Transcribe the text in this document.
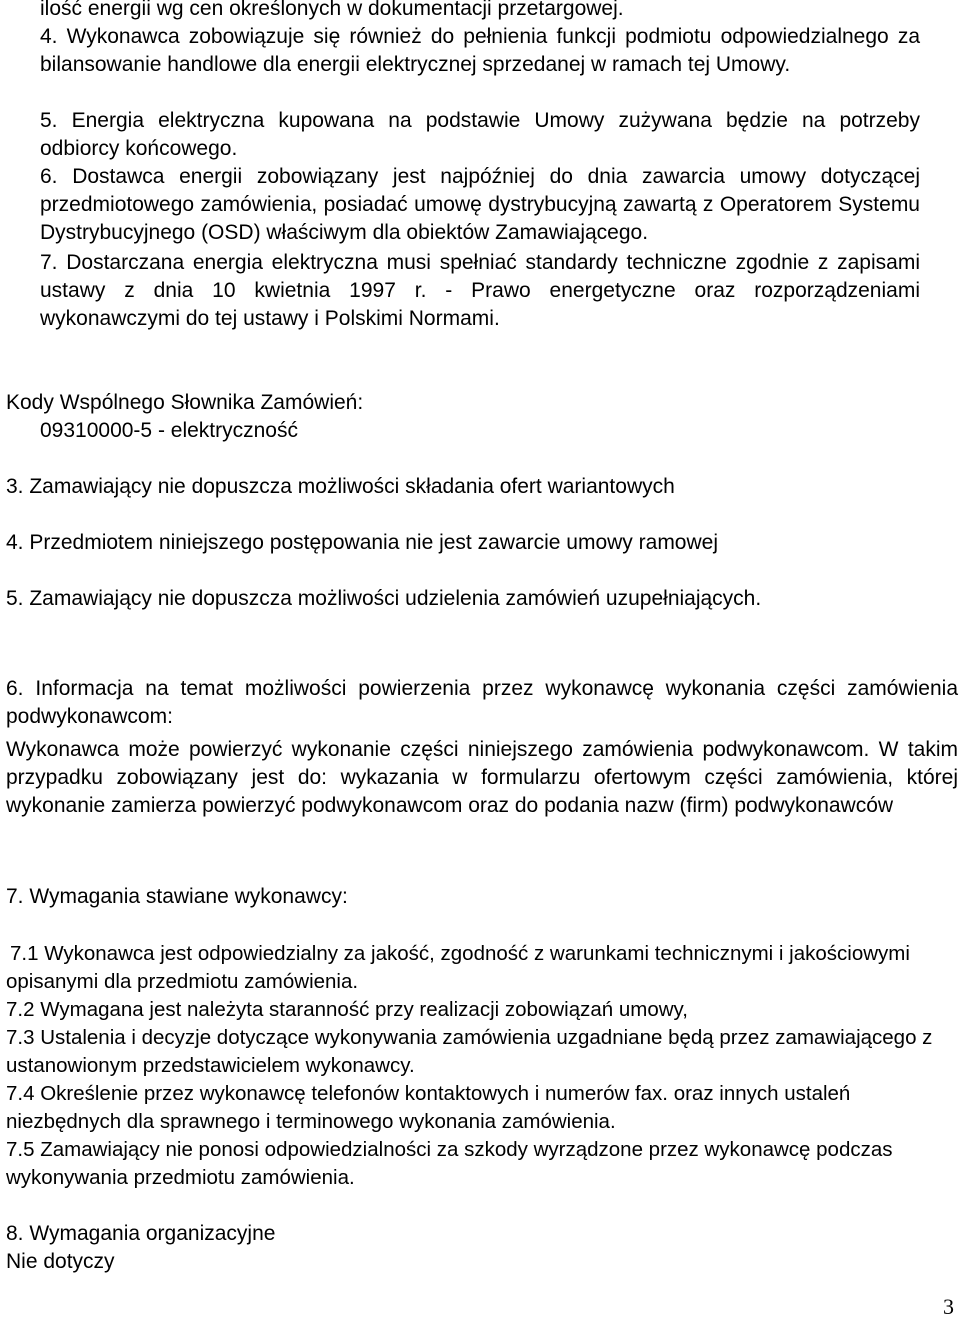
ilość energii wg cen określonych w dokumentacji przetargowej.

4. Wykonawca zobowiązuje się również do pełnienia funkcji podmiotu odpowiedzialnego za bilansowanie handlowe dla energii elektrycznej sprzedanej w ramach tej Umowy.

5. Energia elektryczna kupowana na podstawie Umowy zużywana będzie na potrzeby odbiorcy końcowego.

6. Dostawca energii zobowiązany jest najpóźniej do dnia zawarcia umowy dotyczącej przedmiotowego zamówienia, posiadać umowę dystrybucyjną zawartą z Operatorem Systemu Dystrybucyjnego (OSD) właściwym dla obiektów Zamawiającego.

7. Dostarczana energia elektryczna musi spełniać standardy techniczne zgodnie z zapisami ustawy z dnia 10 kwietnia 1997 r. - Prawo energetyczne oraz rozporządzeniami wykonawczymi do tej ustawy i Polskimi Normami.

Kody Wspólnego Słownika Zamówień:

09310000-5 - elektryczność

3. Zamawiający nie dopuszcza możliwości składania ofert wariantowych

4. Przedmiotem niniejszego postępowania nie jest zawarcie umowy ramowej

5. Zamawiający nie dopuszcza możliwości udzielenia zamówień uzupełniających.

6. Informacja na temat możliwości powierzenia przez wykonawcę wykonania części zamówienia podwykonawcom:

Wykonawca może powierzyć wykonanie części niniejszego zamówienia podwykonawcom. W takim przypadku zobowiązany jest do: wykazania w formularzu ofertowym części zamówienia, której wykonanie zamierza powierzyć podwykonawcom oraz do podania nazw (firm) podwykonawców

7. Wymagania stawiane wykonawcy:

7.1 Wykonawca jest odpowiedzialny za jakość, zgodność z warunkami technicznymi i jakościowymi opisanymi dla przedmiotu zamówienia.

7.2 Wymagana jest należyta staranność przy realizacji zobowiązań umowy,

7.3 Ustalenia i decyzje dotyczące wykonywania zamówienia uzgadniane będą przez zamawiającego z ustanowionym przedstawicielem wykonawcy.

7.4 Określenie przez wykonawcę telefonów kontaktowych i numerów fax. oraz innych ustaleń niezbędnych dla sprawnego i terminowego wykonania zamówienia.

7.5 Zamawiający nie ponosi odpowiedzialności za szkody wyrządzone przez wykonawcę podczas wykonywania przedmiotu zamówienia.

8. Wymagania organizacyjne

Nie dotyczy

3
